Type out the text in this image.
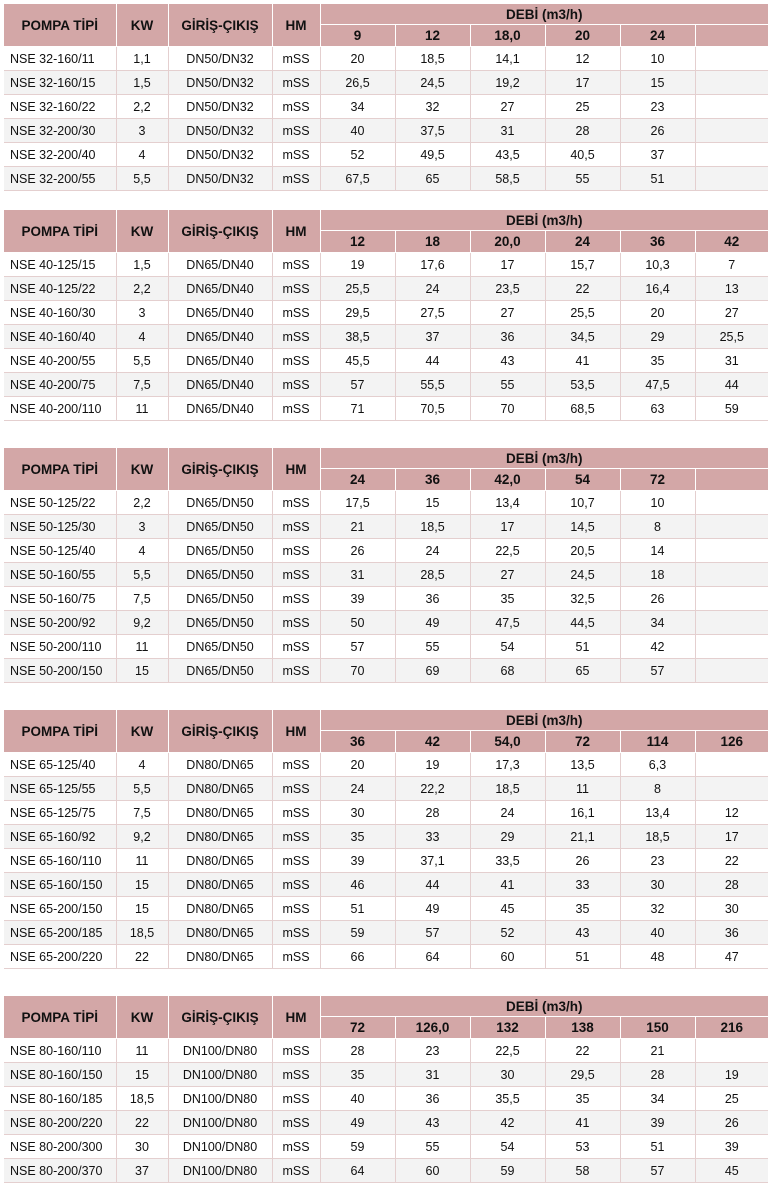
POMPA TİPİ	KW	GİRİŞ-ÇIKIŞ	HM	DEBİ (m3/h)					
				9	12	18,0	20	24	
NSE 32-160/11	1,1	DN50/DN32	mSS	20	18,5	14,1	12	10	
NSE 32-160/15	1,5	DN50/DN32	mSS	26,5	24,5	19,2	17	15	
NSE 32-160/22	2,2	DN50/DN32	mSS	34	32	27	25	23	
NSE 32-200/30	3	DN50/DN32	mSS	40	37,5	31	28	26	
NSE 32-200/40	4	DN50/DN32	mSS	52	49,5	43,5	40,5	37	
NSE 32-200/55	5,5	DN50/DN32	mSS	67,5	65	58,5	55	51	
POMPA TİPİ	KW	GİRİŞ-ÇIKIŞ	HM	DEBİ (m3/h)					
				12	18	20,0	24	36	42
NSE 40-125/15	1,5	DN65/DN40	mSS	19	17,6	17	15,7	10,3	7
NSE 40-125/22	2,2	DN65/DN40	mSS	25,5	24	23,5	22	16,4	13
NSE 40-160/30	3	DN65/DN40	mSS	29,5	27,5	27	25,5	20	27
NSE 40-160/40	4	DN65/DN40	mSS	38,5	37	36	34,5	29	25,5
NSE 40-200/55	5,5	DN65/DN40	mSS	45,5	44	43	41	35	31
NSE 40-200/75	7,5	DN65/DN40	mSS	57	55,5	55	53,5	47,5	44
NSE 40-200/110	11	DN65/DN40	mSS	71	70,5	70	68,5	63	59
POMPA TİPİ	KW	GİRİŞ-ÇIKIŞ	HM	DEBİ (m3/h)					
				24	36	42,0	54	72	
NSE 50-125/22	2,2	DN65/DN50	mSS	17,5	15	13,4	10,7	10	
NSE 50-125/30	3	DN65/DN50	mSS	21	18,5	17	14,5	8	
NSE 50-125/40	4	DN65/DN50	mSS	26	24	22,5	20,5	14	
NSE 50-160/55	5,5	DN65/DN50	mSS	31	28,5	27	24,5	18	
NSE 50-160/75	7,5	DN65/DN50	mSS	39	36	35	32,5	26	
NSE 50-200/92	9,2	DN65/DN50	mSS	50	49	47,5	44,5	34	
NSE 50-200/110	11	DN65/DN50	mSS	57	55	54	51	42	
NSE 50-200/150	15	DN65/DN50	mSS	70	69	68	65	57	
POMPA TİPİ	KW	GİRİŞ-ÇIKIŞ	HM	DEBİ (m3/h)					
				36	42	54,0	72	114	126
NSE 65-125/40	4	DN80/DN65	mSS	20	19	17,3	13,5	6,3	
NSE 65-125/55	5,5	DN80/DN65	mSS	24	22,2	18,5	11	8	
NSE 65-125/75	7,5	DN80/DN65	mSS	30	28	24	16,1	13,4	12
NSE 65-160/92	9,2	DN80/DN65	mSS	35	33	29	21,1	18,5	17
NSE 65-160/110	11	DN80/DN65	mSS	39	37,1	33,5	26	23	22
NSE 65-160/150	15	DN80/DN65	mSS	46	44	41	33	30	28
NSE 65-200/150	15	DN80/DN65	mSS	51	49	45	35	32	30
NSE 65-200/185	18,5	DN80/DN65	mSS	59	57	52	43	40	36
NSE 65-200/220	22	DN80/DN65	mSS	66	64	60	51	48	47
POMPA TİPİ	KW	GİRİŞ-ÇIKIŞ	HM	DEBİ (m3/h)					
				72	126,0	132	138	150	216
NSE 80-160/110	11	DN100/DN80	mSS	28	23	22,5	22	21	
NSE 80-160/150	15	DN100/DN80	mSS	35	31	30	29,5	28	19
NSE 80-160/185	18,5	DN100/DN80	mSS	40	36	35,5	35	34	25
NSE 80-200/220	22	DN100/DN80	mSS	49	43	42	41	39	26
NSE 80-200/300	30	DN100/DN80	mSS	59	55	54	53	51	39
NSE 80-200/370	37	DN100/DN80	mSS	64	60	59	58	57	45
